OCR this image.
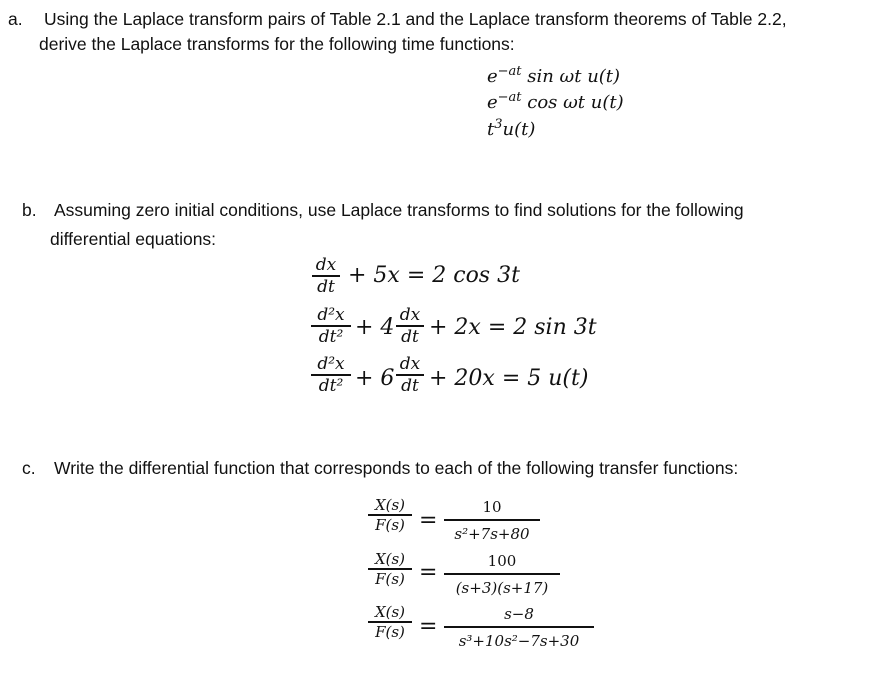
a. Using the Laplace transform pairs of Table 2.1 and the Laplace transform theorems of Table 2.2,
derive the Laplace transforms for the following time functions:
$e^{-at}$ sin ωt u(t)
$e^{-at}$ cos ωt u(t)
$t^3u(t)$
b. Assuming zero initial conditions, use Laplace transforms to find solutions for the following
differential equations:
dx
dt + 5x = 2 cos 3t
d²x
dt² + 4 dx
dt + 2x = 2 sin 3t
d²x
dt² + 6
dx
dt + 20x = 5 u(t)
c. Write the differential function that corresponds to each of the following transfer functions:
X(s)
F(s) =
10
s²+7s+80
X(s)
F(s) =	100
(s+3)(s+17)
X(s)
F(s) =	s−8
s³+10s²−7s+30
